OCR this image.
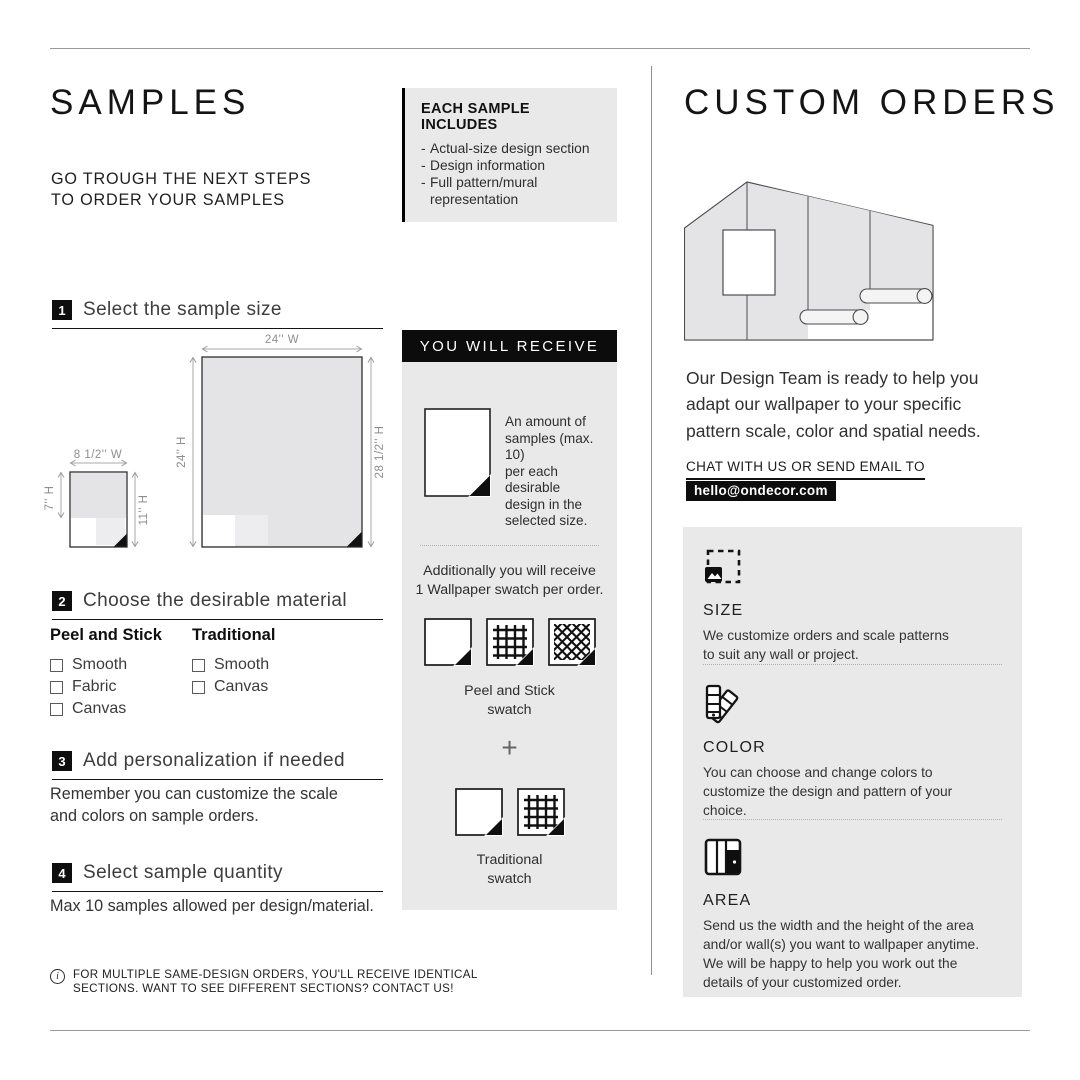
SAMPLES
GO TROUGH THE NEXT STEPS
TO ORDER YOUR SAMPLES
1 Select the sample size
8 1/2'' W
7'' H	11'' H
24'' W
24'' H	28 1/2'' H
2 Choose the desirable material
Peel and Stick
Smooth
Fabric
Canvas
Traditional
Smooth
Canvas
3 Add personalization if needed
Remember you can customize the scale
and colors on sample orders.
4 Select sample quantity
Max 10 samples allowed per design/material.
i	FOR MULTIPLE SAME-DESIGN ORDERS, YOU'LL RECEIVE IDENTICAL
SECTIONS. WANT TO SEE DIFFERENT SECTIONS? CONTACT US!
EACH SAMPLE INCLUDES
- Actual-size design section
- Design information
- Full pattern/mural
representation
YOU WILL RECEIVE
An amount of
samples (max. 10)
per each desirable
design in the
selected size.
Additionally you will receive
1 Wallpaper swatch per order.
Peel and Stick
swatch
+
Traditional
swatch
CUSTOM ORDERS
Our Design Team is ready to help you
adapt our wallpaper to your specific
pattern scale, color and spatial needs.
CHAT WITH US OR SEND EMAIL TO
hello@ondecor.com
SIZE
We customize orders and scale patterns
to suit any wall or project.
COLOR
You can choose and change colors to
customize the design and pattern of your
choice.
AREA
Send us the width and the height of the area
and/or wall(s) you want to wallpaper anytime.
We will be happy to help you work out the
details of your customized order.
